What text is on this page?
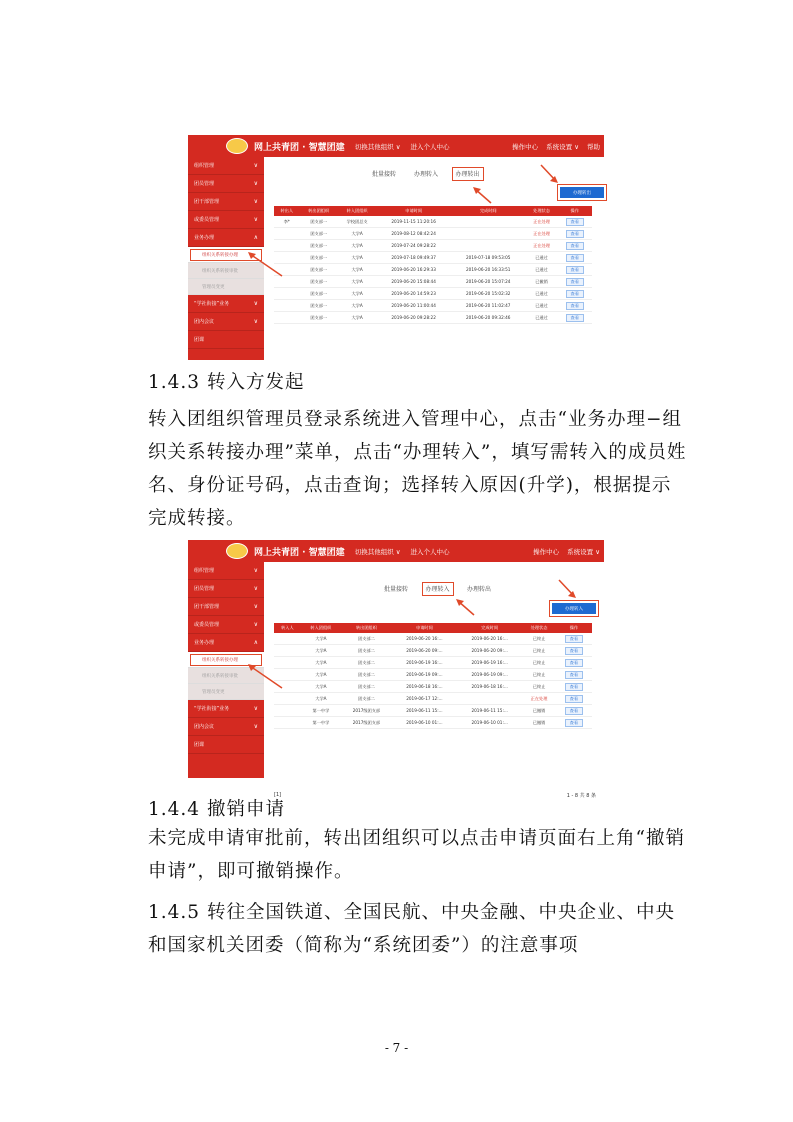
网上共青团 · 智慧团建 切换其他组织 ∨ 进入个人中心	操作中心 系统设置 ∨ 帮助
组织管理	∨
团员管理	∨
团干部管理	∨
或委员管理	∨
业务办理	∧
组织关系转接办理
组织关系转接审批
管理员变更
“学社衔接”业务	∨
团内会议	∨
团课
批量接转	办理转入	办理转出
办理转出
转出人	转出团组织	转入团组织	申请时间	完成时间	处理状态	操作
李*	团支部一	学校团总支	2019-11-15 11:20:16		正在处理	查看
	团支部一	大学A	2019-08-12 08:42:24		正在处理	查看
	团支部一	大学A	2019-07-24 09:28:22		正在处理	查看
	团支部一	大学A	2019-07-18 09:49:37	2019-07-18 09:53:05	已通过	查看
	团支部一	大学A	2019-06-20 16:29:33	2019-06-20 16:33:51	已通过	查看
	团支部一	大学A	2019-06-20 15:08:44	2019-06-20 15:07:24	已撤销	查看
	团支部一	大学A	2019-06-20 14:59:23	2019-06-20 15:02:32	已通过	查看
	团支部一	大学A	2019-06-20 11:00:44	2019-06-20 11:02:47	已通过	查看
	团支部一	大学A	2019-06-20 09:28:22	2019-06-20 09:32:46	已通过	查看
1.4.3 转入方发起
转入团组织管理员登录系统进入管理中心，点击“业务办理−组织关系转接办理”菜单，点击“办理转入”，填写需转入的成员姓名、身份证号码，点击查询；选择转入原因(升学)，根据提示完成转接。
网上共青团 · 智慧团建 切换其他组织 ∨ 进入个人中心	操作中心 系统设置 ∨
组织管理	∨
团员管理	∨
团干部管理	∨
或委员管理	∨
业务办理	∧
组织关系转接办理
组织关系转接审批
管理员变更
“学社衔接”业务	∨
团内会议	∨
团课
批量接转	办理转入	办理转出
办理转入
转入人	转入团组织	转出团组织	申请时间	完成时间	处理状态	操作
	大学A	团支部二	2019-06-20 16:...	2019-06-20 16:...	已终止	查看
	大学A	团支部二	2019-06-20 09:...	2019-06-20 09:...	已终止	查看
	大学A	团支部二	2019-06-19 16:...	2019-06-19 16:...	已终止	查看
	大学A	团支部二	2019-06-19 09:...	2019-06-19 09:...	已终止	查看
	大学A	团支部二	2019-06-18 16:...	2019-06-18 16:...	已终止	查看
	大学A	团支部二	2019-06-17 12:...		正在处理	查看
	第一中学	2017级团支部	2019-06-11 15:...	2019-06-11 15:...	已撤销	查看
	第一中学	2017级团支部	2019-06-10 01:...	2019-06-10 01:...	已撤销	查看
[1]	1 - 8 共 8 条
1.4.4 撤销申请
未完成申请审批前，转出团组织可以点击申请页面右上角“撤销申请”，即可撤销操作。
1.4.5 转往全国铁道、全国民航、中央金融、中央企业、中央和国家机关团委（简称为“系统团委”）的注意事项
- 7 -
